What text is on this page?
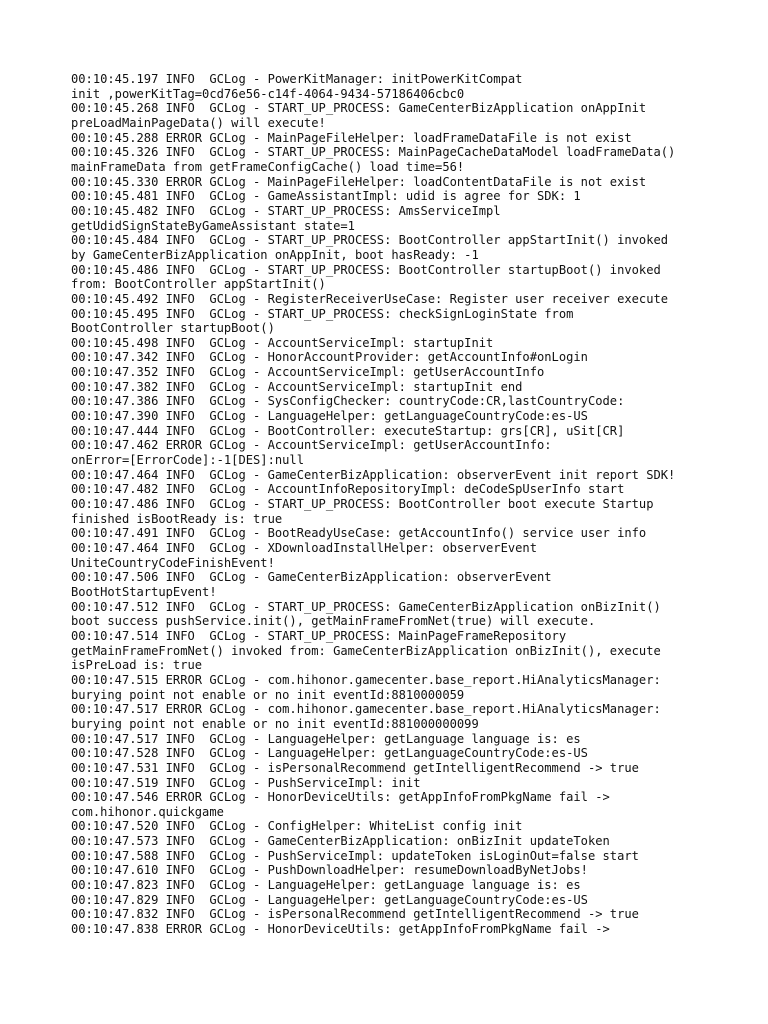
00:10:45.197 INFO  GCLog - PowerKitManager: initPowerKitCompat
init ,powerKitTag=0cd76e56-c14f-4064-9434-57186406cbc0
00:10:45.268 INFO  GCLog - START_UP_PROCESS: GameCenterBizApplication onAppInit
preLoadMainPageData() will execute!
00:10:45.288 ERROR GCLog - MainPageFileHelper: loadFrameDataFile is not exist
00:10:45.326 INFO  GCLog - START_UP_PROCESS: MainPageCacheDataModel loadFrameData()
mainFrameData from getFrameConfigCache() load time=56!
00:10:45.330 ERROR GCLog - MainPageFileHelper: loadContentDataFile is not exist
00:10:45.481 INFO  GCLog - GameAssistantImpl: udid is agree for SDK: 1
00:10:45.482 INFO  GCLog - START_UP_PROCESS: AmsServiceImpl
getUdidSignStateByGameAssistant state=1
00:10:45.484 INFO  GCLog - START_UP_PROCESS: BootController appStartInit() invoked
by GameCenterBizApplication onAppInit, boot hasReady: -1
00:10:45.486 INFO  GCLog - START_UP_PROCESS: BootController startupBoot() invoked
from: BootController appStartInit()
00:10:45.492 INFO  GCLog - RegisterReceiverUseCase: Register user receiver execute
00:10:45.495 INFO  GCLog - START_UP_PROCESS: checkSignLoginState from
BootController startupBoot()
00:10:45.498 INFO  GCLog - AccountServiceImpl: startupInit
00:10:47.342 INFO  GCLog - HonorAccountProvider: getAccountInfo#onLogin
00:10:47.352 INFO  GCLog - AccountServiceImpl: getUserAccountInfo
00:10:47.382 INFO  GCLog - AccountServiceImpl: startupInit end
00:10:47.386 INFO  GCLog - SysConfigChecker: countryCode:CR,lastCountryCode:
00:10:47.390 INFO  GCLog - LanguageHelper: getLanguageCountryCode:es-US
00:10:47.444 INFO  GCLog - BootController: executeStartup: grs[CR], uSit[CR]
00:10:47.462 ERROR GCLog - AccountServiceImpl: getUserAccountInfo:
onError=[ErrorCode]:-1[DES]:null
00:10:47.464 INFO  GCLog - GameCenterBizApplication: observerEvent init report SDK!
00:10:47.482 INFO  GCLog - AccountInfoRepositoryImpl: deCodeSpUserInfo start
00:10:47.486 INFO  GCLog - START_UP_PROCESS: BootController boot execute Startup
finished isBootReady is: true
00:10:47.491 INFO  GCLog - BootReadyUseCase: getAccountInfo() service user info
00:10:47.464 INFO  GCLog - XDownloadInstallHelper: observerEvent
UniteCountryCodeFinishEvent!
00:10:47.506 INFO  GCLog - GameCenterBizApplication: observerEvent
BootHotStartupEvent!
00:10:47.512 INFO  GCLog - START_UP_PROCESS: GameCenterBizApplication onBizInit()
boot success pushService.init(), getMainFrameFromNet(true) will execute.
00:10:47.514 INFO  GCLog - START_UP_PROCESS: MainPageFrameRepository
getMainFrameFromNet() invoked from: GameCenterBizApplication onBizInit(), execute
isPreLoad is: true
00:10:47.515 ERROR GCLog - com.hihonor.gamecenter.base_report.HiAnalyticsManager:
burying point not enable or no init eventId:8810000059
00:10:47.517 ERROR GCLog - com.hihonor.gamecenter.base_report.HiAnalyticsManager:
burying point not enable or no init eventId:881000000099
00:10:47.517 INFO  GCLog - LanguageHelper: getLanguage language is: es
00:10:47.528 INFO  GCLog - LanguageHelper: getLanguageCountryCode:es-US
00:10:47.531 INFO  GCLog - isPersonalRecommend getIntelligentRecommend -> true
00:10:47.519 INFO  GCLog - PushServiceImpl: init
00:10:47.546 ERROR GCLog - HonorDeviceUtils: getAppInfoFromPkgName fail ->
com.hihonor.quickgame
00:10:47.520 INFO  GCLog - ConfigHelper: WhiteList config init
00:10:47.573 INFO  GCLog - GameCenterBizApplication: onBizInit updateToken
00:10:47.588 INFO  GCLog - PushServiceImpl: updateToken isLoginOut=false start
00:10:47.610 INFO  GCLog - PushDownloadHelper: resumeDownloadByNetJobs!
00:10:47.823 INFO  GCLog - LanguageHelper: getLanguage language is: es
00:10:47.829 INFO  GCLog - LanguageHelper: getLanguageCountryCode:es-US
00:10:47.832 INFO  GCLog - isPersonalRecommend getIntelligentRecommend -> true
00:10:47.838 ERROR GCLog - HonorDeviceUtils: getAppInfoFromPkgName fail ->
